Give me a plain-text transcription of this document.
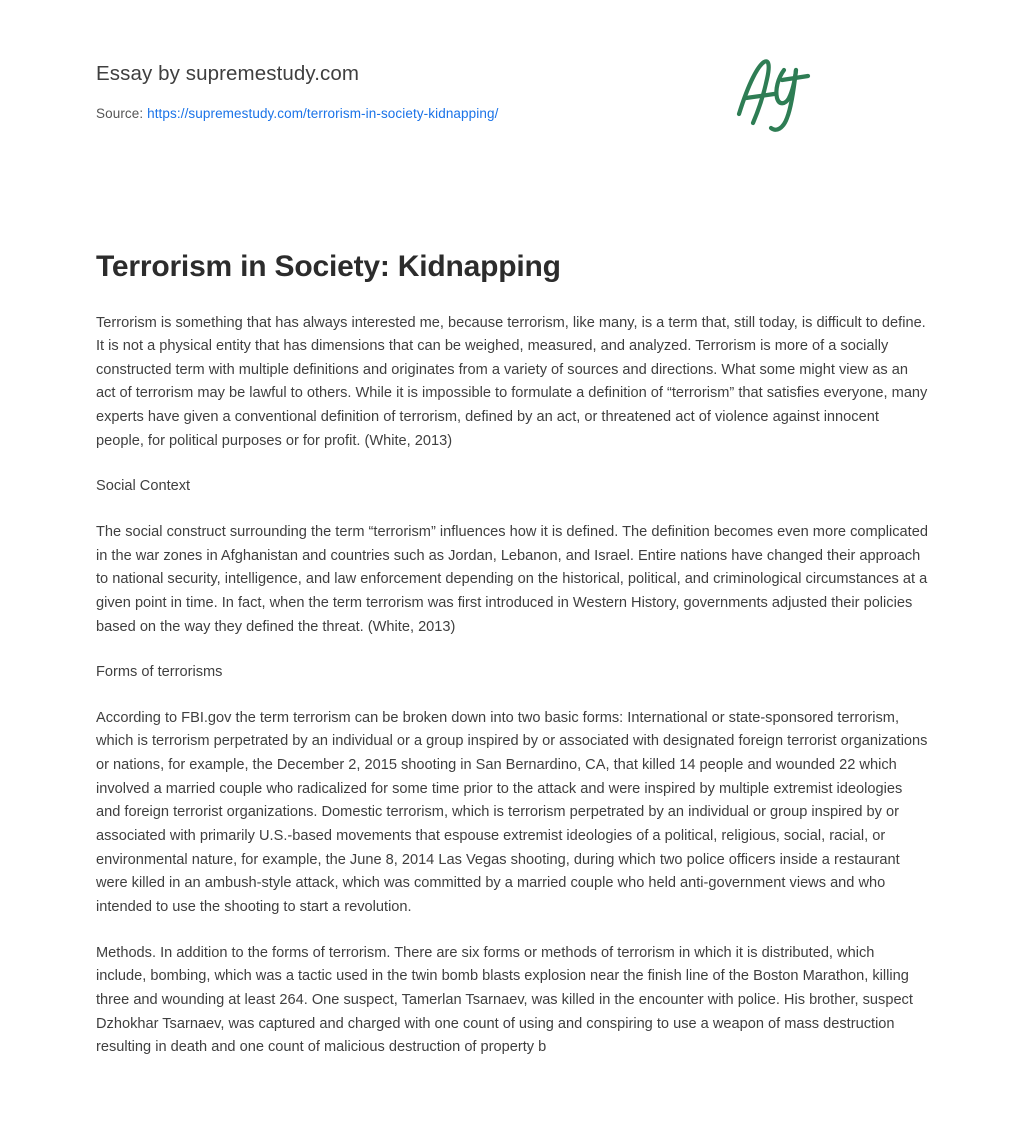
Essay by supremestudy.com
Source: https://supremestudy.com/terrorism-in-society-kidnapping/
Terrorism in Society: Kidnapping

Terrorism is something that has always interested me, because terrorism, like many, is a term that, still today, is difficult to define. It is not a physical entity that has dimensions that can be weighed, measured, and analyzed. Terrorism is more of a socially constructed term with multiple definitions and originates from a variety of sources and directions. What some might view as an act of terrorism may be lawful to others. While it is impossible to formulate a definition of “terrorism” that satisfies everyone, many experts have given a conventional definition of terrorism, defined by an act, or threatened act of violence against innocent people, for political purposes or for profit. (White, 2013)

Social Context

The social construct surrounding the term “terrorism” influences how it is defined. The definition becomes even more complicated in the war zones in Afghanistan and countries such as Jordan, Lebanon, and Israel. Entire nations have changed their approach to national security, intelligence, and law enforcement depending on the historical, political, and criminological circumstances at a given point in time. In fact, when the term terrorism was first introduced in Western History, governments adjusted their policies based on the way they defined the threat. (White, 2013)

Forms of terrorisms

According to FBI.gov the term terrorism can be broken down into two basic forms: International or state-sponsored terrorism, which is terrorism perpetrated by an individual or a group inspired by or associated with designated foreign terrorist organizations or nations, for example, the December 2, 2015 shooting in San Bernardino, CA, that killed 14 people and wounded 22 which involved a married couple who radicalized for some time prior to the attack and were inspired by multiple extremist ideologies and foreign terrorist organizations. Domestic terrorism, which is terrorism perpetrated by an individual or group inspired by or associated with primarily U.S.-based movements that espouse extremist ideologies of a political, religious, social, racial, or environmental nature, for example, the June 8, 2014 Las Vegas shooting, during which two police officers inside a restaurant were killed in an ambush-style attack, which was committed by a married couple who held anti-government views and who intended to use the shooting to start a revolution.

Methods. In addition to the forms of terrorism. There are six forms or methods of terrorism in which it is distributed, which include, bombing, which was a tactic used in the twin bomb blasts explosion near the finish line of the Boston Marathon, killing three and wounding at least 264. One suspect, Tamerlan Tsarnaev, was killed in the encounter with police. His brother, suspect Dzhokhar Tsarnaev, was captured and charged with one count of using and conspiring to use a weapon of mass destruction resulting in death and one count of malicious destruction of property b
